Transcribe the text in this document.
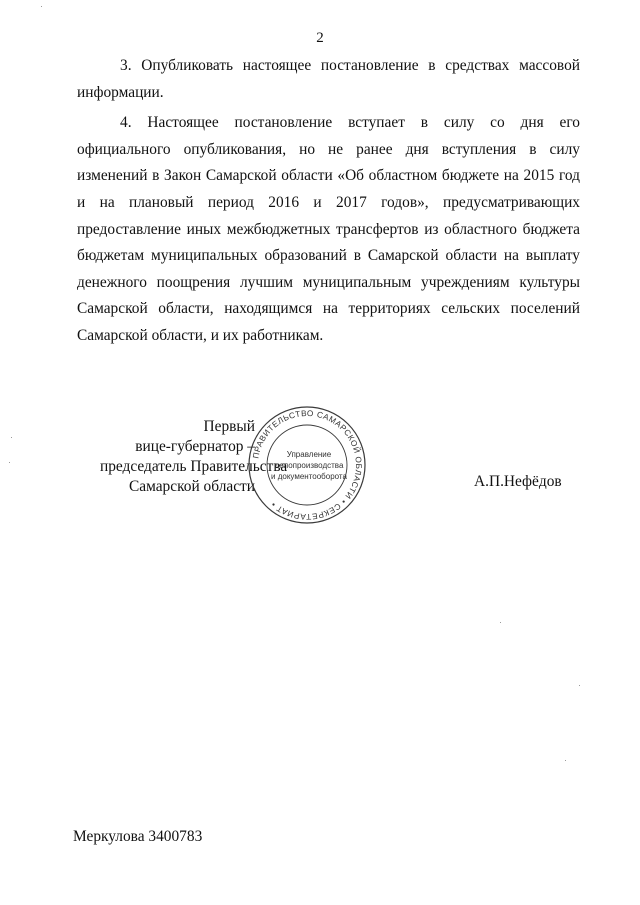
2

3. Опубликовать настоящее постановление в средствах массовой информации.

4. Настоящее постановление вступает в силу со дня его официального опубликования, но не ранее дня вступления в силу изменений в Закон Самарской области «Об областном бюджете на 2015 год и на плановый период 2016 и 2017 годов», предусматривающих предоставление иных межбюджетных трансфертов из областного бюджета бюджетам муниципальных образований в Самарской области на выплату денежного поощрения лучшим муниципальным учреждениям культуры Самарской области, находящимся на территориях сельских поселений Самарской области, и их работникам.

Первый
вице-губернатор –
председатель Правительства
Самарской области
ПРАВИТЕЛЬСТВО САМАРСКОЙ ОБЛАСТИ • СЕКРЕТАРИАТ •
Управление
делопроизводства
и документооборота	А.П.Нефёдов
Меркулова 3400783
